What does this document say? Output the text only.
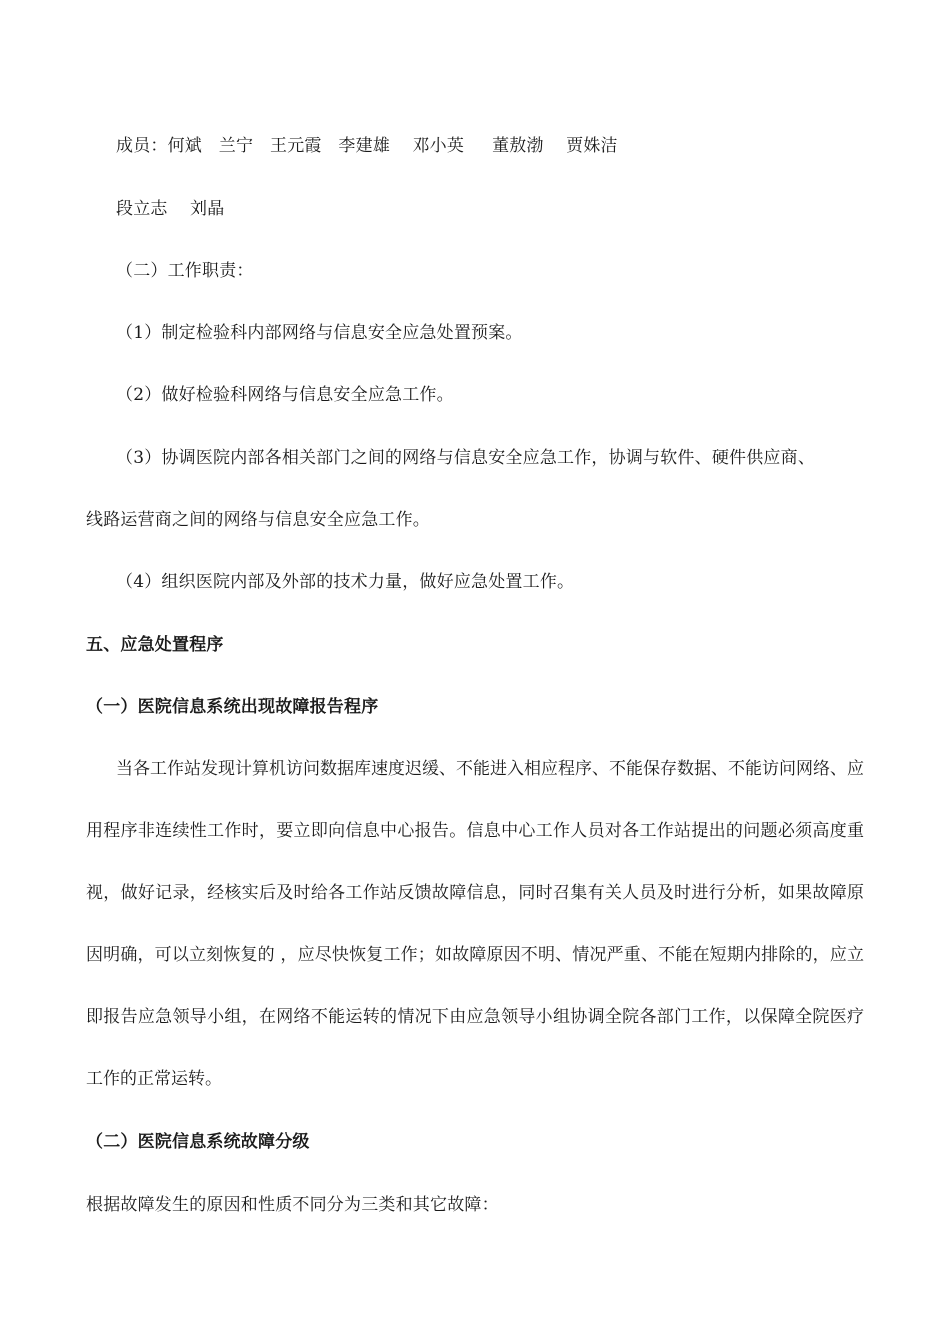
成员：何斌   兰宁   王元霞   李建雄    邓小英     董敖渤    贾姝洁
段立志    刘晶
（二）工作职责：
（1）制定检验科内部网络与信息安全应急处置预案。
（2）做好检验科网络与信息安全应急工作。
（3）协调医院内部各相关部门之间的网络与信息安全应急工作，协调与软件、硬件供应商、
线路运营商之间的网络与信息安全应急工作。
（4）组织医院内部及外部的技术力量，做好应急处置工作。
五、应急处置程序
（一）医院信息系统出现故障报告程序
当各工作站发现计算机访问数据库速度迟缓、不能进入相应程序、不能保存数据、不能访问网络、应用程序非连续性工作时，要立即向信息中心报告。信息中心工作人员对各工作站提出的问题必须高度重视，做好记录，经核实后及时给各工作站反馈故障信息，同时召集有关人员及时进行分析，如果故障原因明确，可以立刻恢复的 ，应尽快恢复工作；如故障原因不明、情况严重、不能在短期内排除的，应立即报告应急领导小组，在网络不能运转的情况下由应急领导小组协调全院各部门工作，以保障全院医疗工作的正常运转。
（二）医院信息系统故障分级
根据故障发生的原因和性质不同分为三类和其它故障：
